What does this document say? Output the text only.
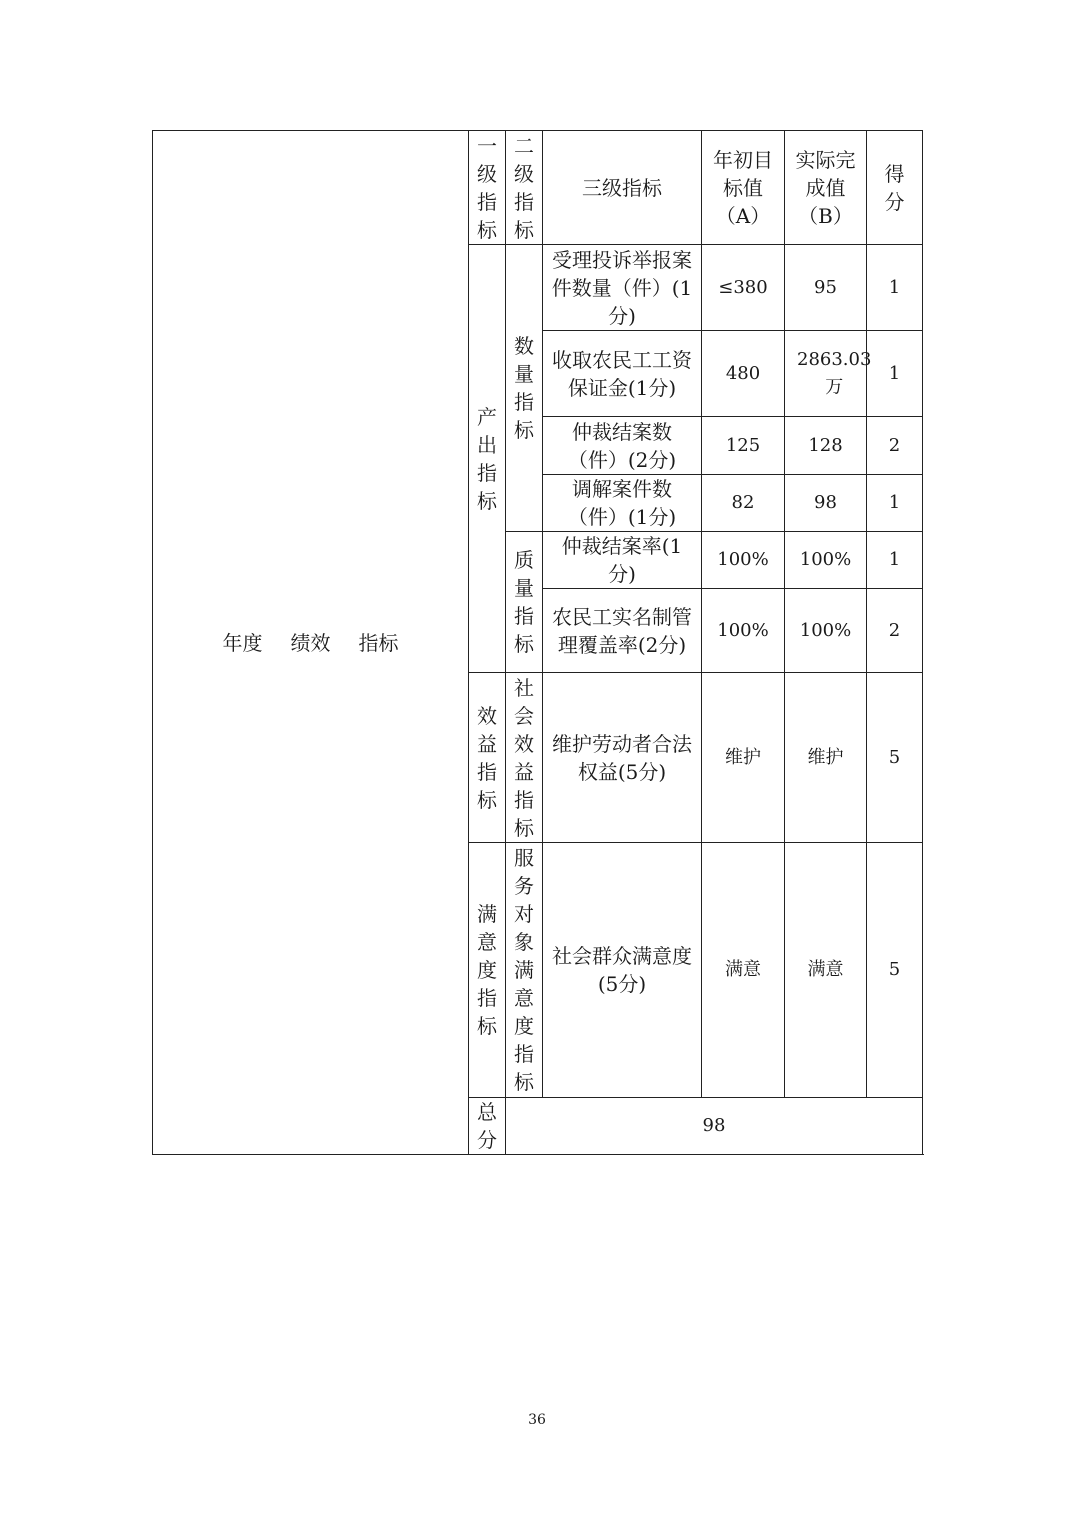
年度 绩效 指标	一级指标	二级指标	三级指标	年初目标值（A）	实际完成值（B）	得分
	产出指标	数量指标	受理投诉举报案件数量（件）(1分)	≤380	95	1
			收取农民工工资保证金(1分)	480	2863.03万	1
			仲裁结案数（件）(2分)	125	128	2
			调解案件数（件）(1分)	82	98	1
		质量指标	仲裁结案率(1分)	100%	100%	1
			农民工实名制管理覆盖率(2分)	100%	100%	2
	效益指标	社会效益指标	维护劳动者合法权益(5分)	维护	维护	5
	满意度指标	服务对象满意度指标	社会群众满意度(5分)	满意	满意	5
	总分	98				
36
